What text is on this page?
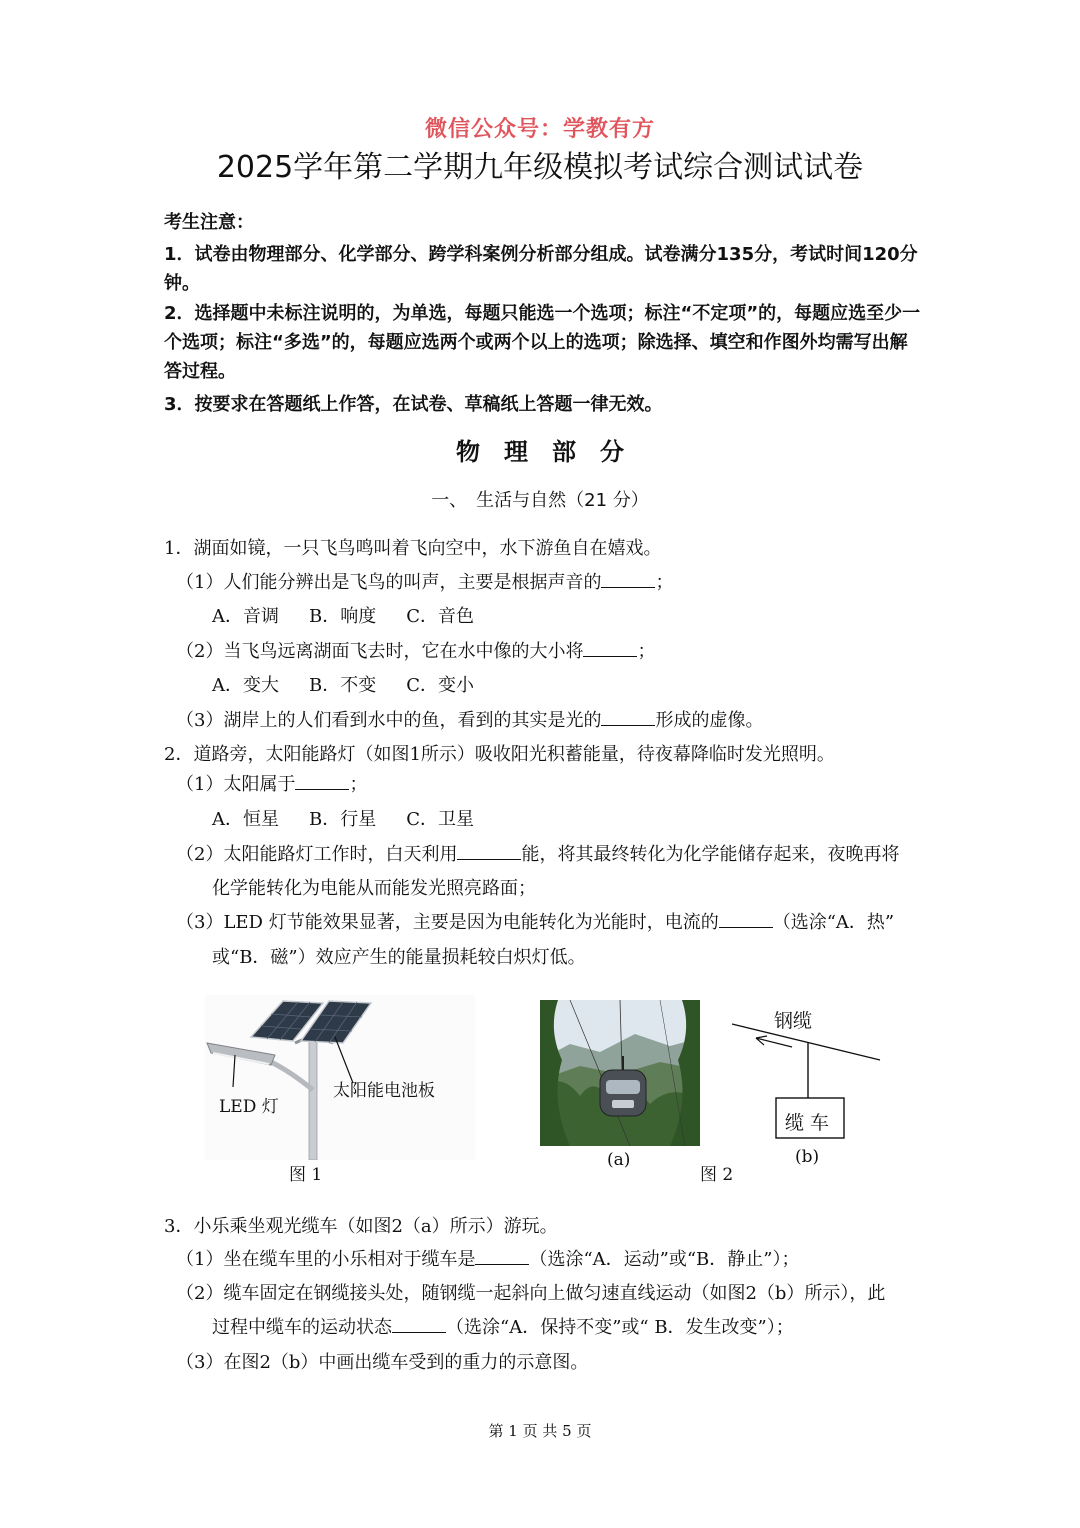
微信公众号：学教有方
2025学年第二学期九年级模拟考试综合测试试卷
考生注意：
1．试卷由物理部分、化学部分、跨学科案例分析部分组成。试卷满分135分，考试时间120分钟。
2．选择题中未标注说明的，为单选，每题只能选一个选项；标注“不定项”的，每题应选至少一个选项；标注“多选”的，每题应选两个或两个以上的选项；除选择、填空和作图外均需写出解答过程。
3．按要求在答题纸上作答，在试卷、草稿纸上答题一律无效。
物　理　部　分
一、　生活与自然（21 分）
1．湖面如镜，一只飞鸟鸣叫着飞向空中，水下游鱼自在嬉戏。
（1）人们能分辨出是飞鸟的叫声，主要是根据声音的	；
A．音调 B．响度 C．音色
（2）当飞鸟远离湖面飞去时，它在水中像的大小将	；
A．变大 B．不变 C．变小
（3）湖岸上的人们看到水中的鱼，看到的其实是光的	形成的虚像。
2．道路旁，太阳能路灯（如图1所示）吸收阳光积蓄能量，待夜幕降临时发光照明。
（1）太阳属于	；
A．恒星 B．行星 C．卫星
（2）太阳能路灯工作时，白天利用	能，将其最终转化为化学能储存起来，夜晚再将
化学能转化为电能从而能发光照亮路面；
（3）LED 灯节能效果显著，主要是因为电能转化为光能时，电流的	（选涂“A．热”
或“B．磁”）效应产生的能量损耗较白炽灯低。
LED 灯
太阳能电池板
图 1
(a)
图 2
钢缆
缆 车
(b)
3．小乐乘坐观光缆车（如图2（a）所示）游玩。
（1）坐在缆车里的小乐相对于缆车是	（选涂“A．运动”或“B．静止”）；
（2）缆车固定在钢缆接头处，随钢缆一起斜向上做匀速直线运动（如图2（b）所示），此
过程中缆车的运动状态	（选涂“A．保持不变”或“ B．发生改变”）；
（3）在图2（b）中画出缆车受到的重力的示意图。
第 1 页 共 5 页
